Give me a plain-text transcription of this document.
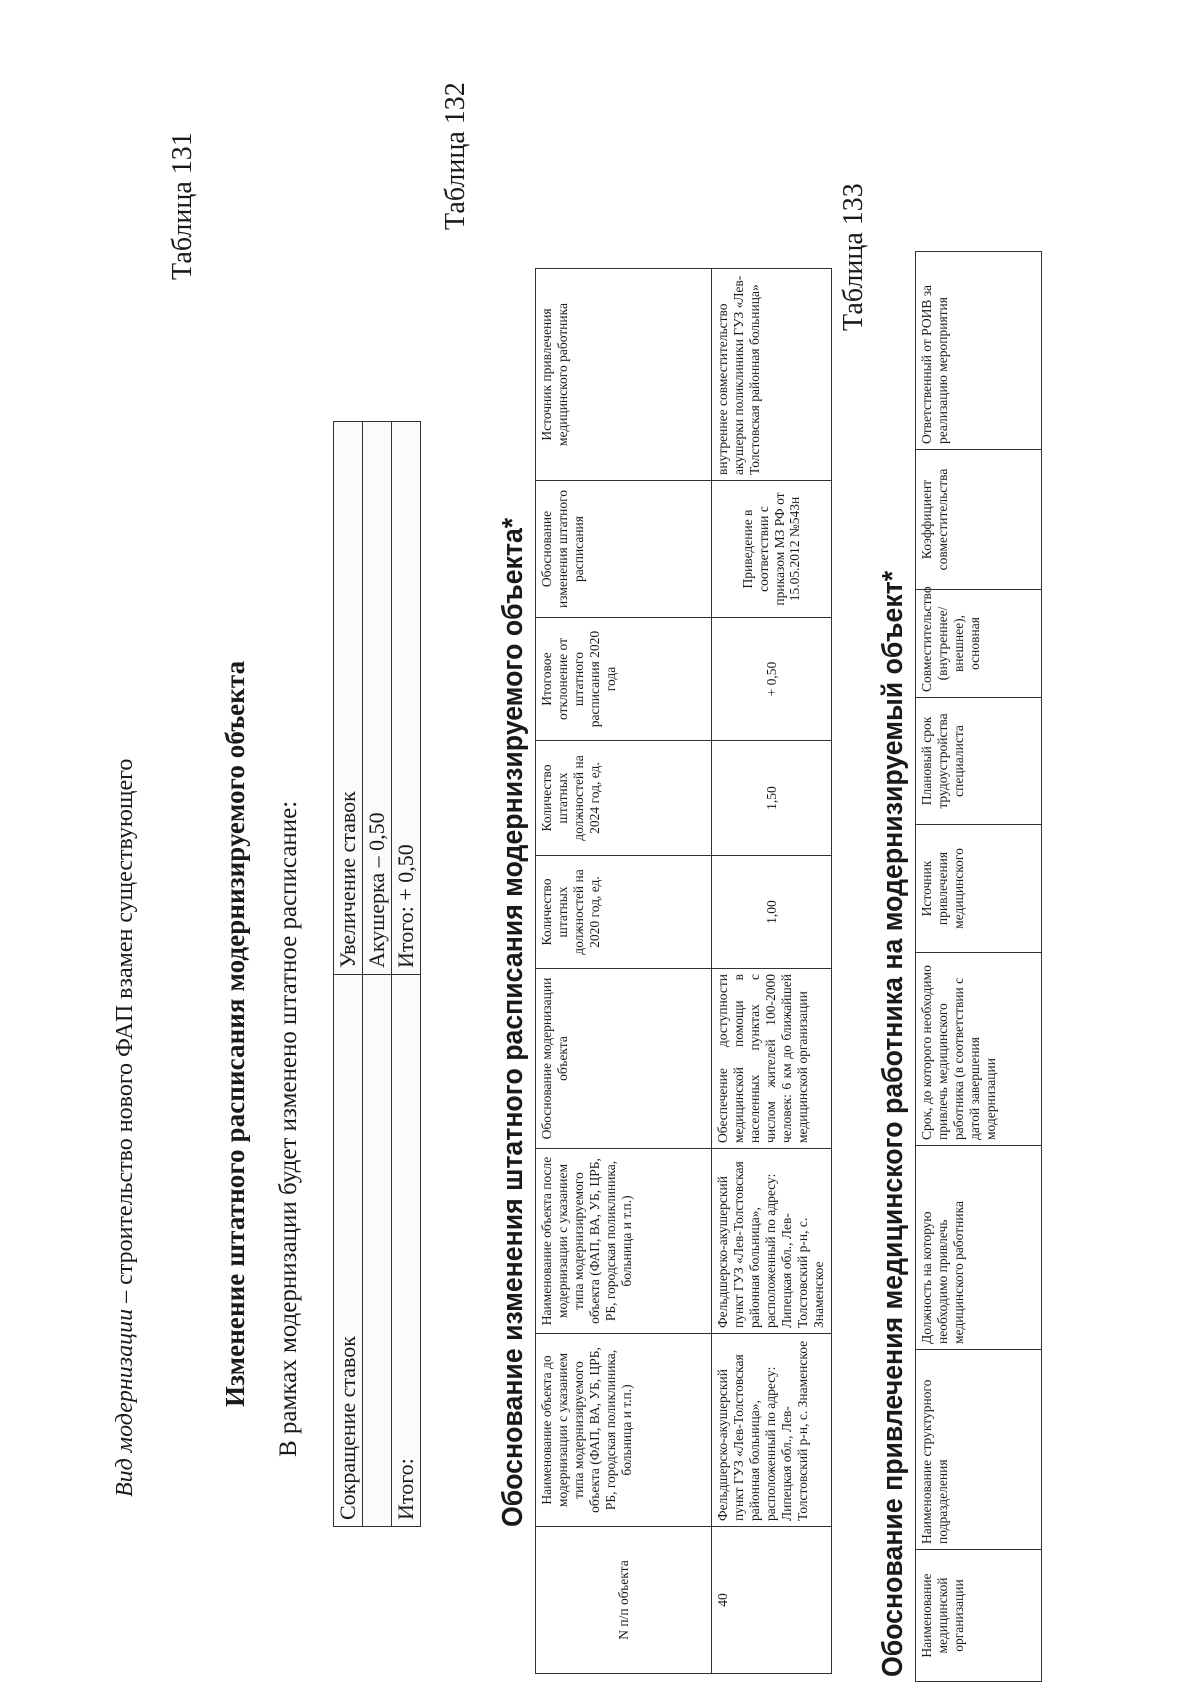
Вид модернизации – строительство нового ФАП взамен существующего
Таблица 131
Изменение штатного расписания модернизируемого объекта В рамках модернизации будет изменено штатное расписание: Сокращение ставок	Увеличение ставок
	Акушерка – 0,50
Итого:	Итого: + 0,50
Таблица 132
Обоснование изменения штатного расписания модернизируемого объекта*
N п/п объекта	Наименование объекта до модернизации с указанием типа модернизируемого объекта (ФАП, ВА, УБ, ЦРБ, РБ, городская поликлиника, больница и т.п.)	Наименование объекта после модернизации с указанием типа модернизируемого объекта (ФАП, ВА, УБ, ЦРБ, РБ, городская поликлиника, больница и т.п.)	Обоснование модернизации объекта	Количество штатных должностей на 2020 год, ед.	Количество штатных должностей на 2024 год, ед.	Итоговое отклонение от штатного расписания 2020 года	Обоснование изменения штатного расписания	Источник привлечения медицинского работника
40	Фельдшерско-акушерский пункт ГУЗ «Лев-Толстовская районная больница», расположенный по адресу: Липецкая обл., Лев-Толстовский р-н, с. Знаменское	Фельдшерско-акушерский пункт ГУЗ «Лев-Толстовская районная больница», расположенный по адресу: Липецкая обл., Лев-Толстовский р-н, с. Знаменское	Обеспечение доступности медицинской помощи в населенных пунктах с числом жителей 100-2000 человек: 6 км до ближайшей медицинской организации	1,00	1,50	+ 0,50	Приведение в соответствии с приказом МЗ РФ от 15.05.2012 №543н	внутреннее совместительство акушерки поликлиники ГУЗ «Лев-Толстовская районная больница»
Таблица 133
Обоснование привлечения медицинского работника на модернизируемый объект* Наименование медицинской организации	Наименование структурного подразделения	Должность на которую необходимо привлечь медицинского работника	Срок, до которого необходимо привлечь медицинского работника (в соответствии с датой завершения модернизации	Источник привлечения медицинского	Плановый срок трудоустройства специалиста	Совместительство (внутреннее/внешнее), основная	Коэффициент совместительства	Ответственный от РОИВ за реализацию мероприятия
